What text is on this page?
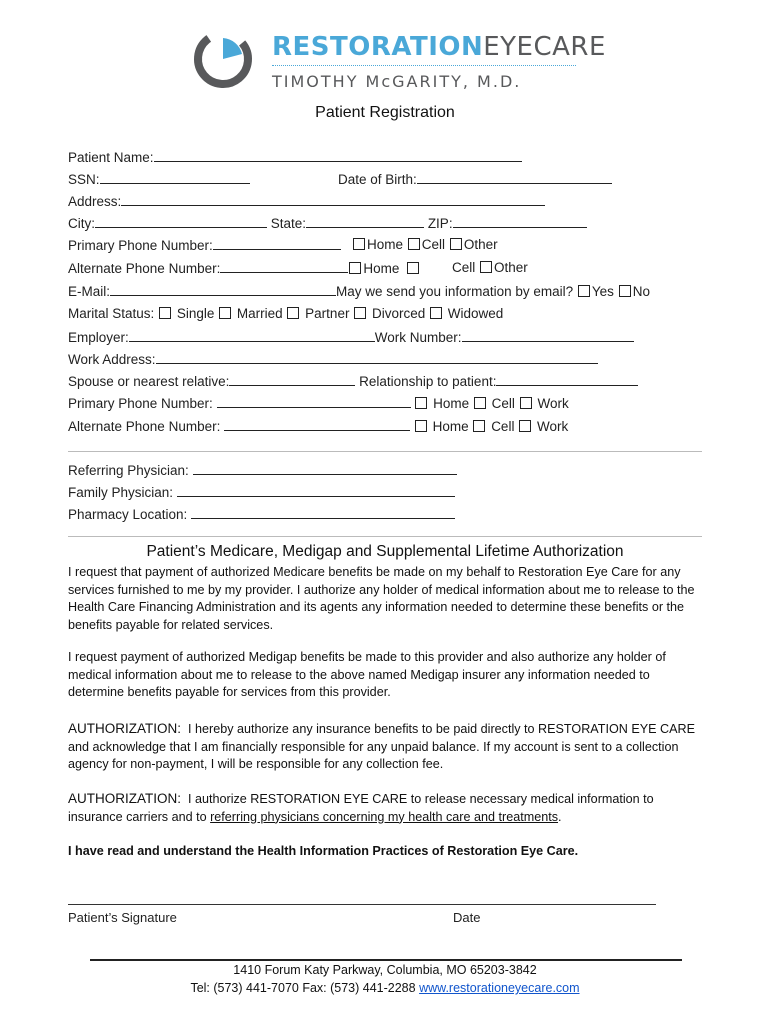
RESTORATIONEYECARE
TIMOTHY McGARITY, M.D.
Patient Registration
Patient Name:
SSN:	Date of Birth:
Address:
City:	State:	ZIP:
Primary Phone Number:	Home Cell Other
Alternate Phone Number:	Home	Cell Other
E-Mail:	May we send you information by email? Yes No
Marital Status: Single Married Partner Divorced Widowed
Employer:	Work Number:
Work Address:
Spouse or nearest relative:	Relationship to patient:
Primary Phone Number:	Home Cell Work
Alternate Phone Number:	Home Cell Work
Referring Physician:
Family Physician:
Pharmacy Location:
Patient’s Medicare, Medigap and Supplemental Lifetime Authorization
I request that payment of authorized Medicare benefits be made on my behalf to Restoration Eye Care for any services furnished to me by my provider. I authorize any holder of medical information about me to release to the Health Care Financing Administration and its agents any information needed to determine these benefits or the benefits payable for related services.
I request payment of authorized Medigap benefits be made to this provider and also authorize any holder of medical information about me to release to the above named Medigap insurer any information needed to determine benefits payable for services from this provider.
AUTHORIZATION: I hereby authorize any insurance benefits to be paid directly to RESTORATION EYE CARE and acknowledge that I am financially responsible for any unpaid balance. If my account is sent to a collection agency for non-payment, I will be responsible for any collection fee.
AUTHORIZATION: I authorize RESTORATION EYE CARE to release necessary medical information to insurance carriers and to referring physicians concerning my health care and treatments.
I have read and understand the Health Information Practices of Restoration Eye Care.
Patient’s Signature	Date
1410 Forum Katy Parkway, Columbia, MO 65203-3842
Tel: (573) 441-7070 Fax: (573) 441-2288 www.restorationeyecare.com
